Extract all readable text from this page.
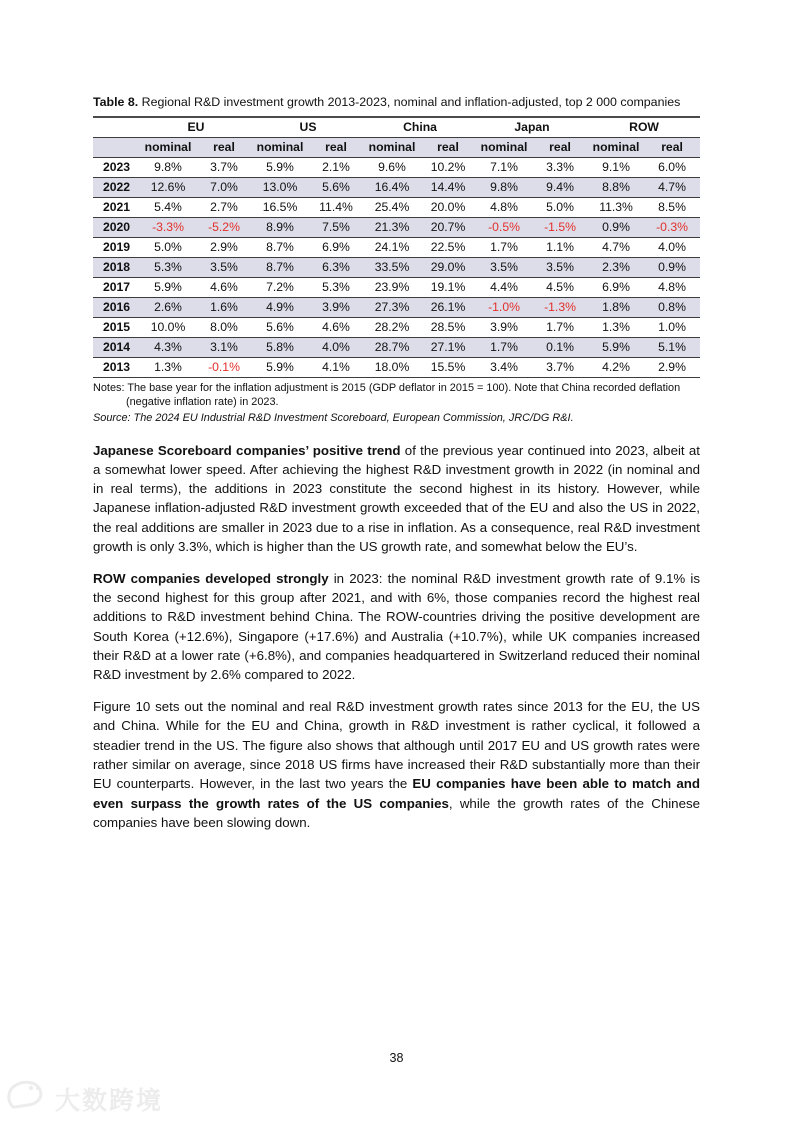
Table 8. Regional R&D investment growth 2013-2023, nominal and inflation-adjusted, top 2 000 companies

	EU		US		China		Japan		ROW	
	nominal	real	nominal	real	nominal	real	nominal	real	nominal	real
2023	9.8%	3.7%	5.9%	2.1%	9.6%	10.2%	7.1%	3.3%	9.1%	6.0%
2022	12.6%	7.0%	13.0%	5.6%	16.4%	14.4%	9.8%	9.4%	8.8%	4.7%
2021	5.4%	2.7%	16.5%	11.4%	25.4%	20.0%	4.8%	5.0%	11.3%	8.5%
2020	-3.3%	-5.2%	8.9%	7.5%	21.3%	20.7%	-0.5%	-1.5%	0.9%	-0.3%
2019	5.0%	2.9%	8.7%	6.9%	24.1%	22.5%	1.7%	1.1%	4.7%	4.0%
2018	5.3%	3.5%	8.7%	6.3%	33.5%	29.0%	3.5%	3.5%	2.3%	0.9%
2017	5.9%	4.6%	7.2%	5.3%	23.9%	19.1%	4.4%	4.5%	6.9%	4.8%
2016	2.6%	1.6%	4.9%	3.9%	27.3%	26.1%	-1.0%	-1.3%	1.8%	0.8%
2015	10.0%	8.0%	5.6%	4.6%	28.2%	28.5%	3.9%	1.7%	1.3%	1.0%
2014	4.3%	3.1%	5.8%	4.0%	28.7%	27.1%	1.7%	0.1%	5.9%	5.1%
2013	1.3%	-0.1%	5.9%	4.1%	18.0%	15.5%	3.4%	3.7%	4.2%	2.9%
Notes: The base year for the inflation adjustment is 2015 (GDP deflator in 2015 = 100). Note that China recorded deflation
(negative inflation rate) in 2023.
Source: The 2024 EU Industrial R&D Investment Scoreboard, European Commission, JRC/DG R&I.

Japanese Scoreboard companies’ positive trend of the previous year continued into 2023, albeit at a somewhat lower speed. After achieving the highest R&D investment growth in 2022 (in nominal and in real terms), the additions in 2023 constitute the second highest in its history. However, while Japanese inflation-adjusted R&D investment growth exceeded that of the EU and also the US in 2022, the real additions are smaller in 2023 due to a rise in inflation. As a consequence, real R&D investment growth is only 3.3%, which is higher than the US growth rate, and somewhat below the EU’s.

ROW companies developed strongly in 2023: the nominal R&D investment growth rate of 9.1% is the second highest for this group after 2021, and with 6%, those companies record the highest real additions to R&D investment behind China. The ROW-countries driving the positive development are South Korea (+12.6%), Singapore (+17.6%) and Australia (+10.7%), while UK companies increased their R&D at a lower rate (+6.8%), and companies headquartered in Switzerland reduced their nominal R&D investment by 2.6% compared to 2022.

Figure 10 sets out the nominal and real R&D investment growth rates since 2013 for the EU, the US and China. While for the EU and China, growth in R&D investment is rather cyclical, it followed a steadier trend in the US. The figure also shows that although until 2017 EU and US growth rates were rather similar on average, since 2018 US firms have increased their R&D substantially more than their EU counterparts. However, in the last two years the EU companies have been able to match and even surpass the growth rates of the US companies, while the growth rates of the Chinese companies have been slowing down.

38
大数跨境
